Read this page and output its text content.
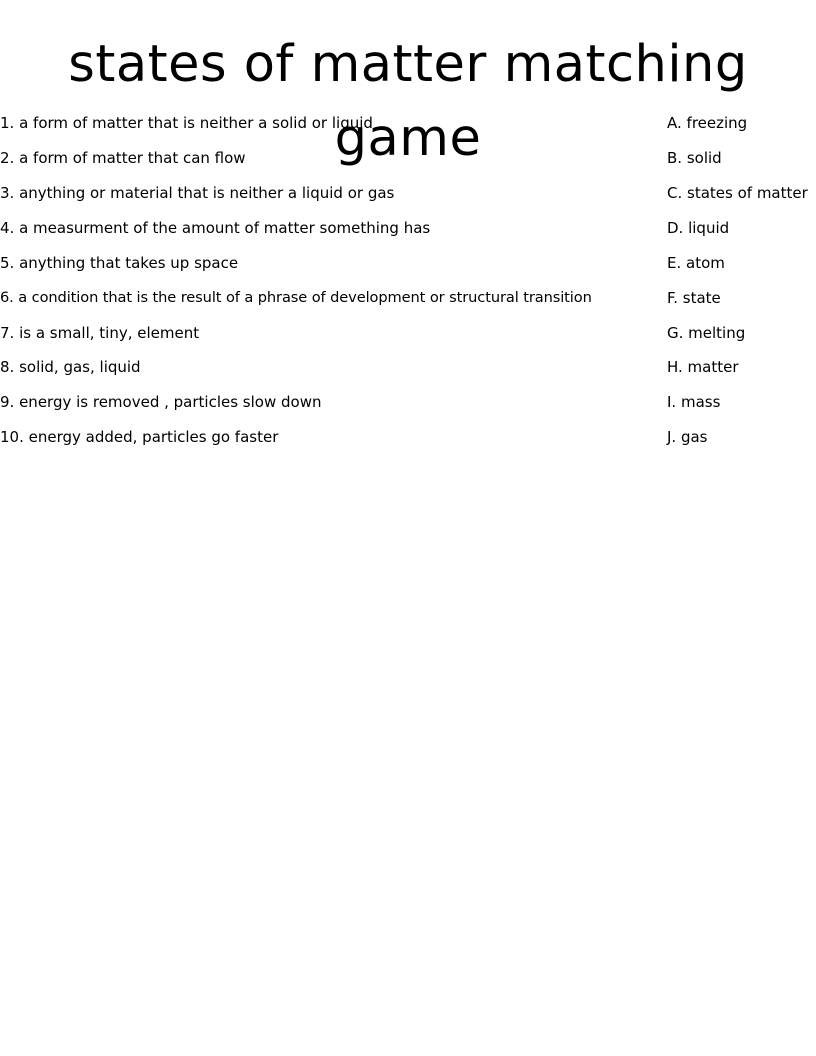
states of matter matching game
1. a form of matter that is neither a solid or liquid	A. freezing
2. a form of matter that can flow	B. solid
3. anything or material that is neither a liquid or gas	C. states of matter
4. a measurment of the amount of matter something has	D. liquid
5. anything that takes up space	E. atom
6. a condition that is the result of a phrase of development or structural transition	F. state
7. is a small, tiny, element	G. melting
8. solid, gas, liquid	H. matter
9. energy is removed , particles slow down	I. mass
10. energy added, particles go faster	J. gas
